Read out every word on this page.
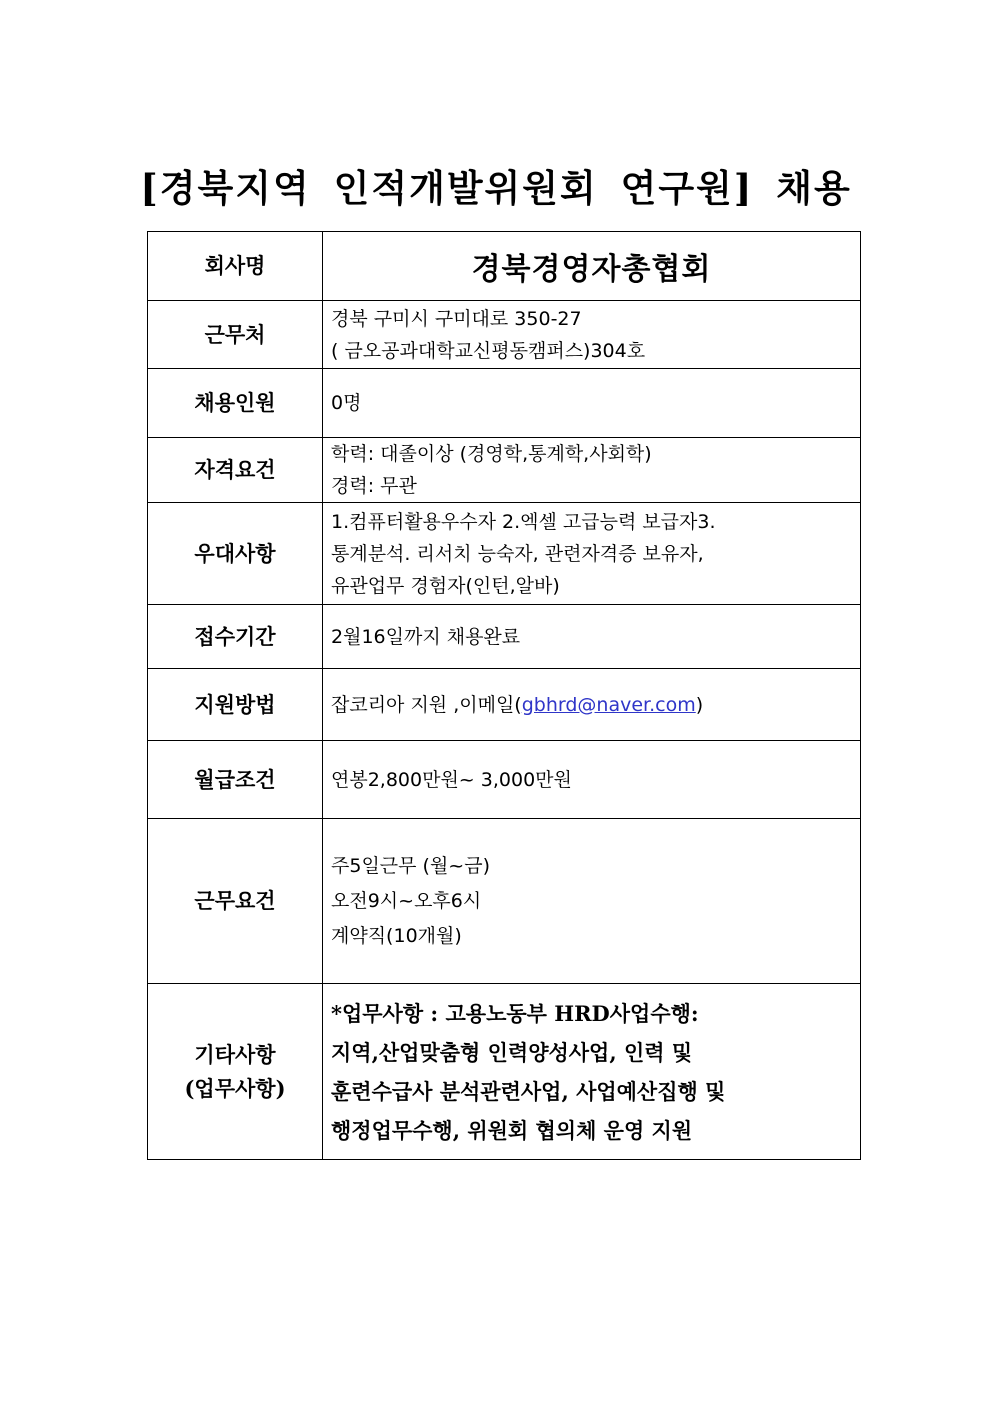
[경북지역 인적개발위원회 연구원] 채용
회사명	경북경영자총협회
근무처	경북 구미시 구미대로 350-27
( 금오공과대학교신평동캠퍼스)304호

채용인원	0명
자격요건	학력: 대졸이상 (경영학,통계학,사회학)
경력: 무관

우대사항	1.컴퓨터활용우수자 2.엑셀 고급능력 보급자3.
통계분석. 리서치 능숙자, 관련자격증 보유자,
유관업무 경험자(인턴,알바)

접수기간	2월16일까지 채용완료
지원방법	잡코리아 지원 ,이메일(gbhrd@naver.com)
월급조건	연봉2,800만원~ 3,000만원
근무요건	주5일근무 (월~금)
오전9시~오후6시
계약직(10개월)

기타사항
(업무사항)	*업무사항 : 고용노동부 HRD사업수행:
지역,산업맞춤형 인력양성사업, 인력 및
훈련수급사 분석관련사업, 사업예산집행 및
행정업무수행, 위원회 협의체 운영 지원
